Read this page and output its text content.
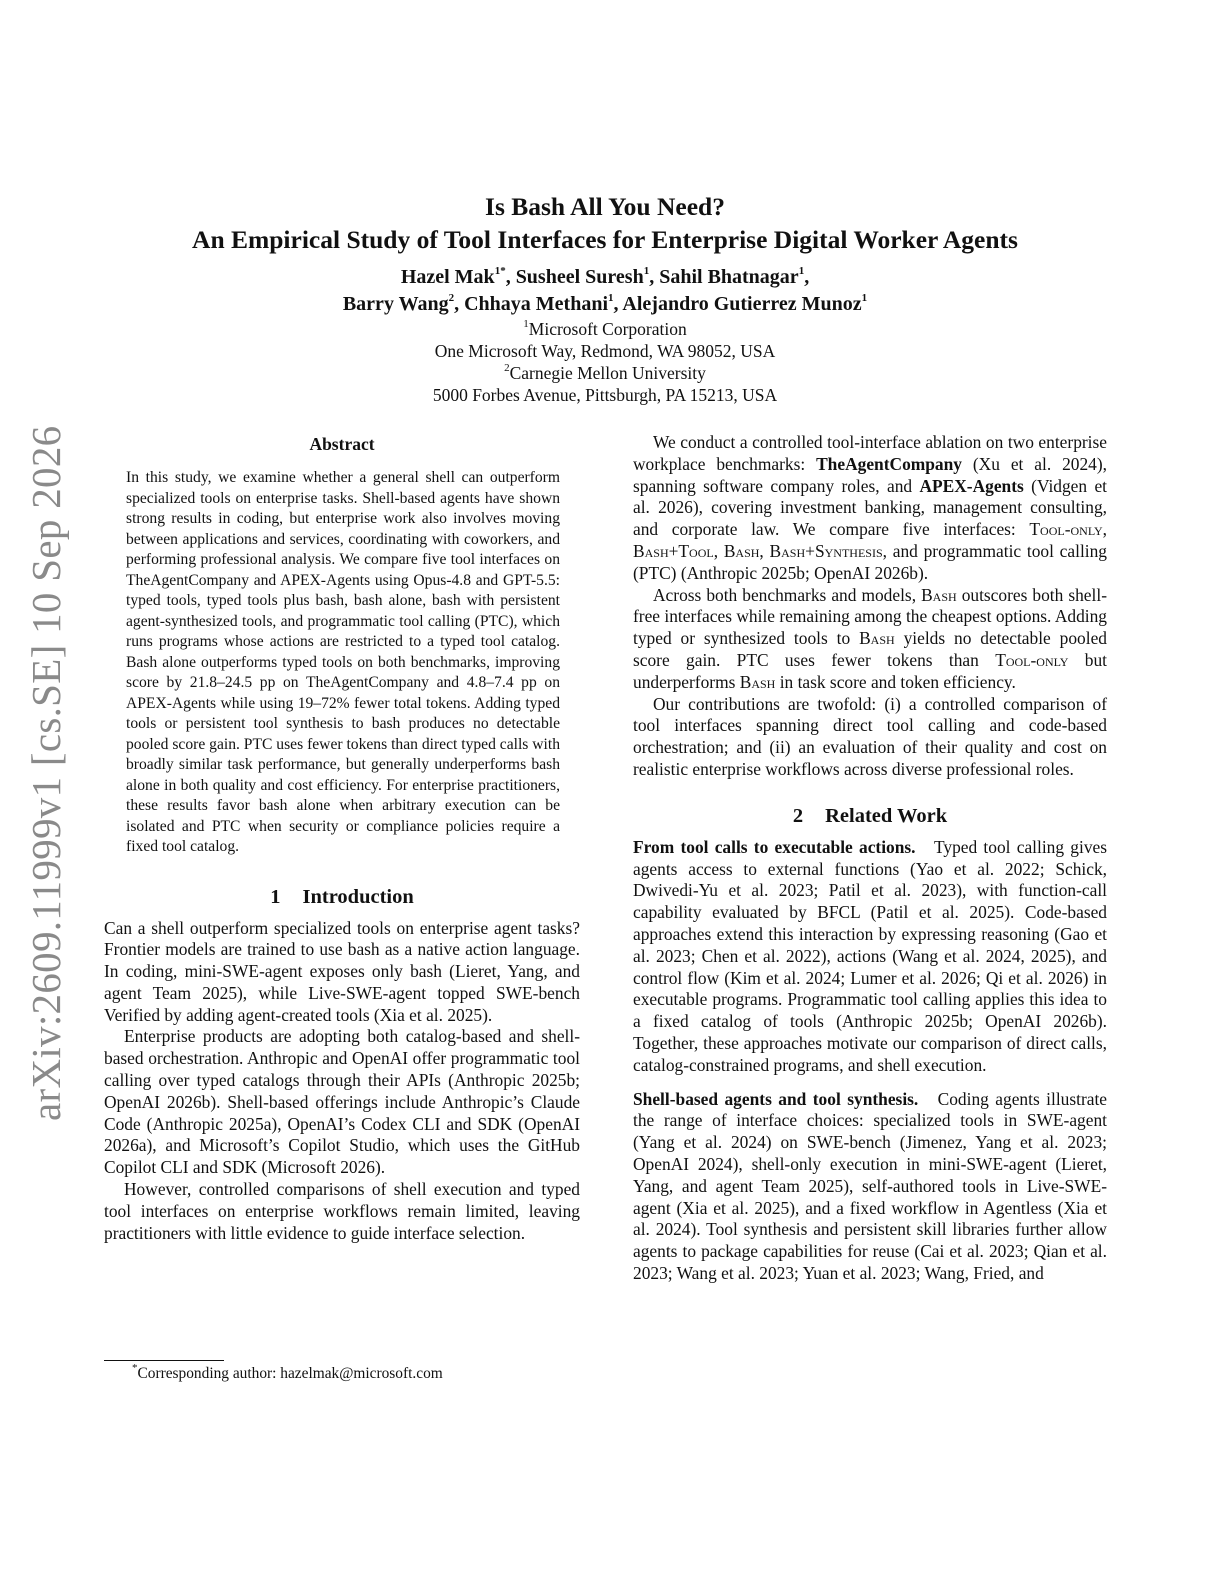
arXiv:2609.11999v1 [cs.SE] 10 Sep 2026
Is Bash All You Need?
An Empirical Study of Tool Interfaces for Enterprise Digital Worker Agents
Hazel Mak$^{1*}$, Susheel Suresh$^1$, Sahil Bhatnagar$^1$,
Barry Wang$^2$, Chhaya Methani$^1$, Alejandro Gutierrez Munoz$^1$
$^1$Microsoft Corporation
One Microsoft Way, Redmond, WA 98052, USA
$^2$Carnegie Mellon University
5000 Forbes Avenue, Pittsburgh, PA 15213, USA
Abstract

In this study, we examine whether a general shell can outperform specialized tools on enterprise tasks. Shell-based agents have shown strong results in coding, but enterprise work also involves moving between applications and services, coordinating with coworkers, and performing professional analysis. We compare five tool interfaces on TheAgentCompany and APEX-Agents using Opus-4.8 and GPT-5.5: typed tools, typed tools plus bash, bash alone, bash with persistent agent-synthesized tools, and programmatic tool calling (PTC), which runs programs whose actions are restricted to a typed tool catalog. Bash alone outperforms typed tools on both benchmarks, improving score by 21.8–24.5 pp on TheAgentCompany and 4.8–7.4 pp on APEX-Agents while using 19–72% fewer total tokens. Adding typed tools or persistent tool synthesis to bash produces no detectable pooled score gain. PTC uses fewer tokens than direct typed calls with broadly similar task performance, but generally underperforms bash alone in both quality and cost efficiency. For enterprise practitioners, these results favor bash alone when arbitrary execution can be isolated and PTC when security or compliance policies require a fixed tool catalog.

1 Introduction

Can a shell outperform specialized tools on enterprise agent tasks? Frontier models are trained to use bash as a native action language. In coding, mini-SWE-agent exposes only bash (Lieret, Yang, and agent Team 2025), while Live-SWE-agent topped SWE-bench Verified by adding agent-created tools (Xia et al. 2025).

Enterprise products are adopting both catalog-based and shell-based orchestration. Anthropic and OpenAI offer programmatic tool calling over typed catalogs through their APIs (Anthropic 2025b; OpenAI 2026b). Shell-based offerings include Anthropic’s Claude Code (Anthropic 2025a), OpenAI’s Codex CLI and SDK (OpenAI 2026a), and Microsoft’s Copilot Studio, which uses the GitHub Copilot CLI and SDK (Microsoft 2026).

However, controlled comparisons of shell execution and typed tool interfaces on enterprise workflows remain limited, leaving practitioners with little evidence to guide interface selection.

*Corresponding author: hazelmak@microsoft.com

We conduct a controlled tool-interface ablation on two enterprise workplace benchmarks: TheAgentCompany (Xu et al. 2024), spanning software company roles, and APEX-Agents (Vidgen et al. 2026), covering investment banking, management consulting, and corporate law. We compare five interfaces: Tool-only, Bash+Tool, Bash, Bash+Synthesis, and programmatic tool calling (PTC) (Anthropic 2025b; OpenAI 2026b).

Across both benchmarks and models, Bash outscores both shell-free interfaces while remaining among the cheapest options. Adding typed or synthesized tools to Bash yields no detectable pooled score gain. PTC uses fewer tokens than Tool-only but underperforms Bash in task score and token efficiency.

Our contributions are twofold: (i) a controlled comparison of tool interfaces spanning direct tool calling and code-based orchestration; and (ii) an evaluation of their quality and cost on realistic enterprise workflows across diverse professional roles.

2 Related Work

From tool calls to executable actions. Typed tool calling gives agents access to external functions (Yao et al. 2022; Schick, Dwivedi-Yu et al. 2023; Patil et al. 2023), with function-call capability evaluated by BFCL (Patil et al. 2025). Code-based approaches extend this interaction by expressing reasoning (Gao et al. 2023; Chen et al. 2022), actions (Wang et al. 2024, 2025), and control flow (Kim et al. 2024; Lumer et al. 2026; Qi et al. 2026) in executable programs. Programmatic tool calling applies this idea to a fixed catalog of tools (Anthropic 2025b; OpenAI 2026b). Together, these approaches motivate our comparison of direct calls, catalog-constrained programs, and shell execution.

Shell-based agents and tool synthesis. Coding agents illustrate the range of interface choices: specialized tools in SWE-agent (Yang et al. 2024) on SWE-bench (Jimenez, Yang et al. 2023; OpenAI 2024), shell-only execution in mini-SWE-agent (Lieret, Yang, and agent Team 2025), self-authored tools in Live-SWE-agent (Xia et al. 2025), and a fixed workflow in Agentless (Xia et al. 2024). Tool synthesis and persistent skill libraries further allow agents to package capabilities for reuse (Cai et al. 2023; Qian et al. 2023; Wang et al. 2023; Yuan et al. 2023; Wang, Fried, and
